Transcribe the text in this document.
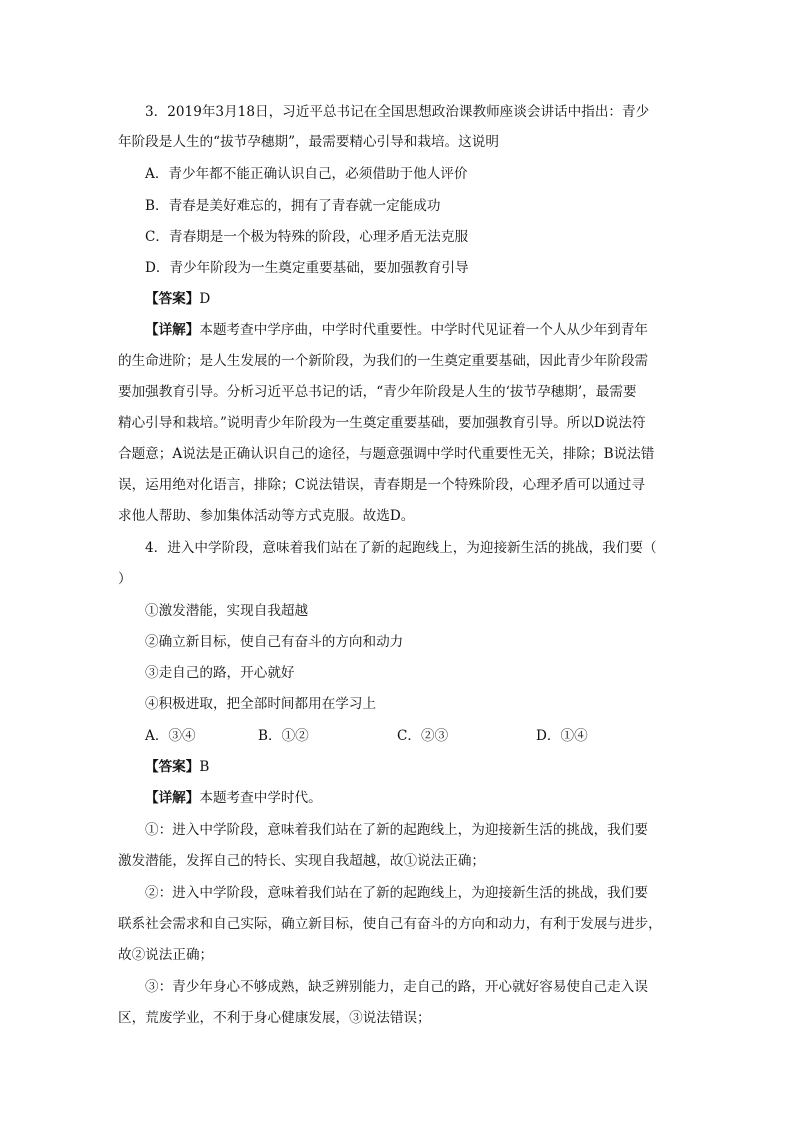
3．2019年3月18日，习近平总书记在全国思想政治课教师座谈会讲话中指出：青少
年阶段是人生的“拔节孕穗期”，最需要精心引导和栽培。这说明
A．青少年都不能正确认识自己，必须借助于他人评价
B．青春是美好难忘的，拥有了青春就一定能成功
C．青春期是一个极为特殊的阶段，心理矛盾无法克服
D．青少年阶段为一生奠定重要基础，要加强教育引导
【答案】D
【详解】本题考查中学序曲，中学时代重要性。中学时代见证着一个人从少年到青年
的生命进阶；是人生发展的一个新阶段，为我们的一生奠定重要基础，因此青少年阶段需
要加强教育引导。分析习近平总书记的话，“青少年阶段是人生的‘拔节孕穗期’，最需要
精心引导和栽培。”说明青少年阶段为一生奠定重要基础，要加强教育引导。所以D说法符
合题意；A说法是正确认识自己的途径，与题意强调中学时代重要性无关，排除；B说法错
误，运用绝对化语言，排除；C说法错误，青春期是一个特殊阶段，心理矛盾可以通过寻
求他人帮助、参加集体活动等方式克服。故选D。
4．进入中学阶段，意味着我们站在了新的起跑线上，为迎接新生活的挑战，我们要（
）
①激发潜能，实现自我超越
②确立新目标，使自己有奋斗的方向和动力
③走自己的路，开心就好
④积极进取，把全部时间都用在学习上
A．③④	B．①②	C．②③	D．①④
【答案】B
【详解】本题考查中学时代。
①：进入中学阶段，意味着我们站在了新的起跑线上，为迎接新生活的挑战，我们要
激发潜能，发挥自己的特长、实现自我超越，故①说法正确；
②：进入中学阶段，意味着我们站在了新的起跑线上，为迎接新生活的挑战，我们要
联系社会需求和自己实际，确立新目标，使自己有奋斗的方向和动力，有利于发展与进步，
故②说法正确；
③：青少年身心不够成熟，缺乏辨别能力，走自己的路，开心就好容易使自己走入误
区，荒废学业，不利于身心健康发展，③说法错误；
